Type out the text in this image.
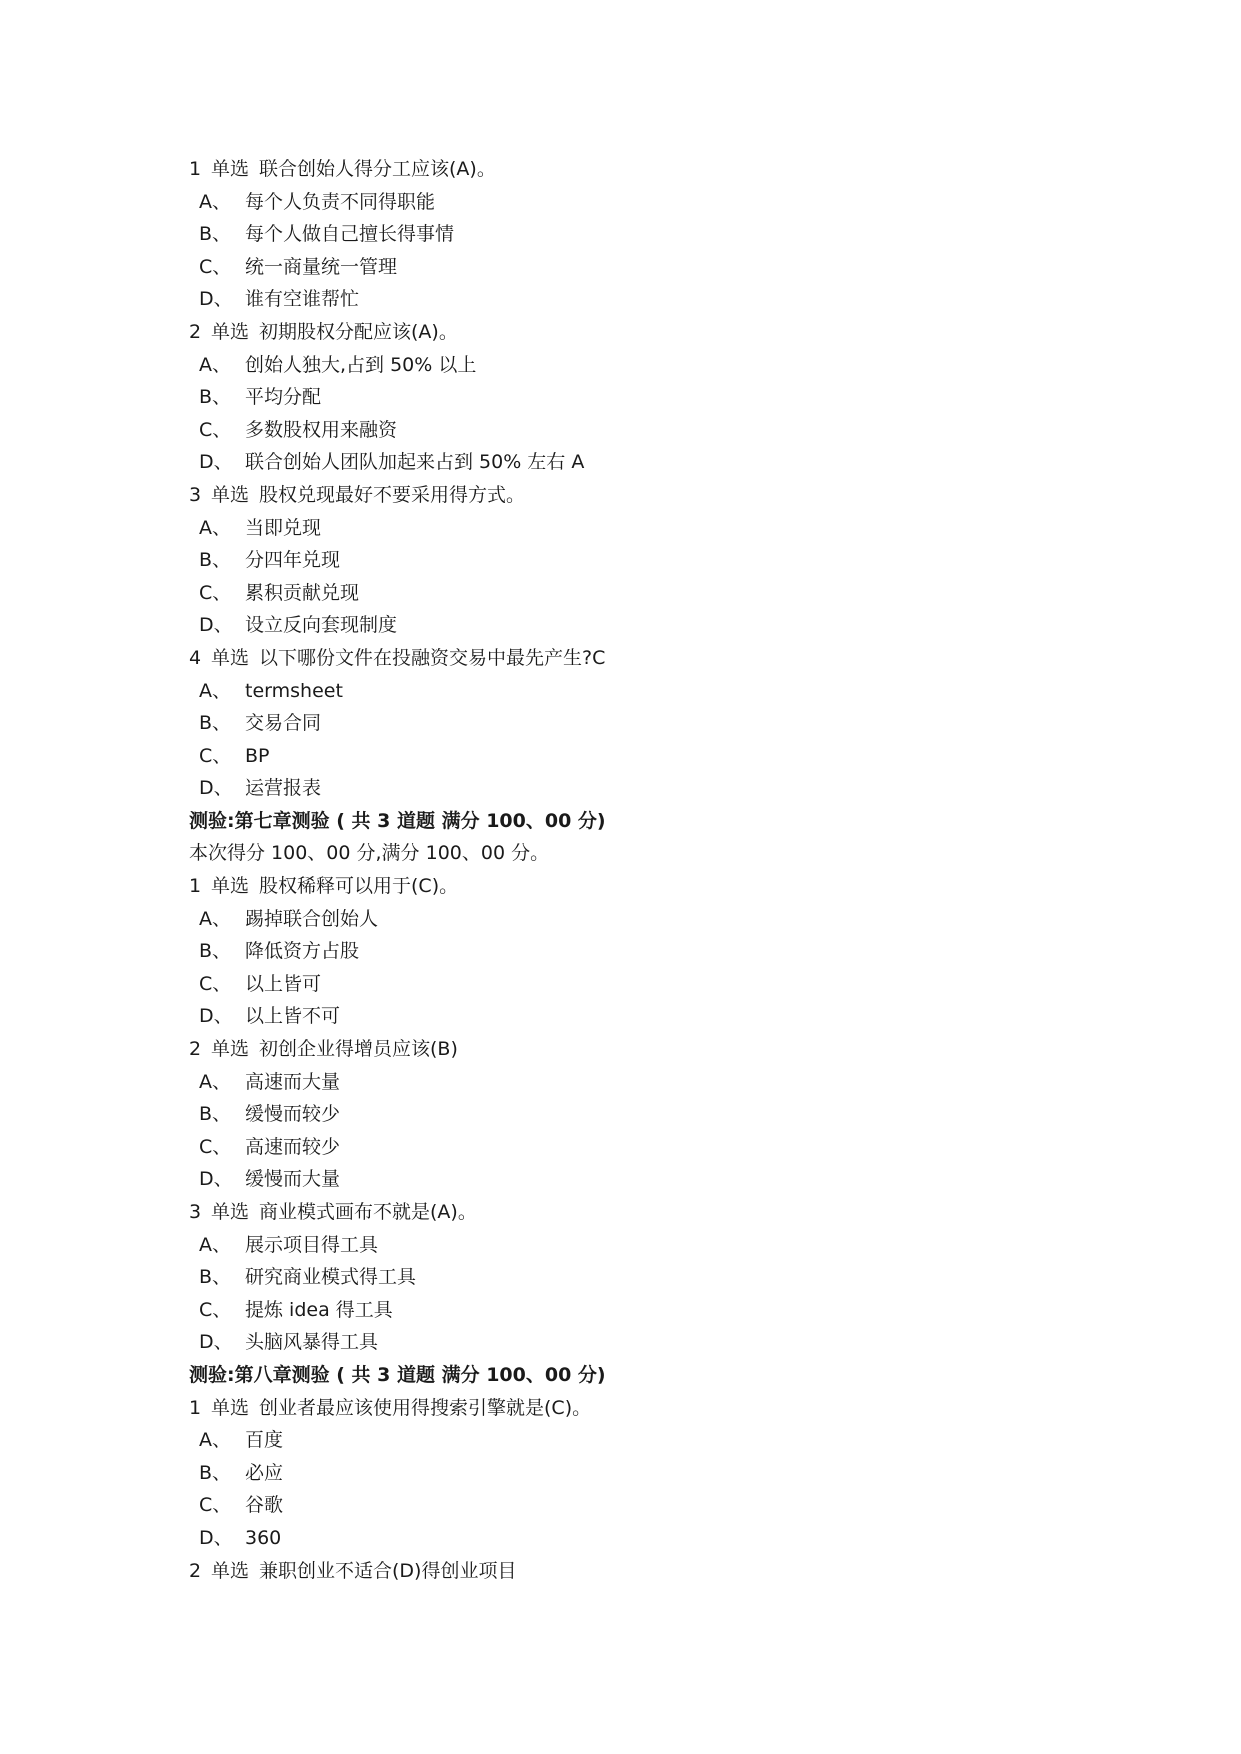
1 单选 联合创始人得分工应该(A)。
A、 每个人负责不同得职能
B、 每个人做自己擅长得事情
C、 统一商量统一管理
D、 谁有空谁帮忙
2 单选 初期股权分配应该(A)。
A、 创始人独大,占到 50% 以上
B、 平均分配
C、 多数股权用来融资
D、 联合创始人团队加起来占到 50% 左右 A
3 单选 股权兑现最好不要采用得方式。
A、 当即兑现
B、 分四年兑现
C、 累积贡献兑现
D、 设立反向套现制度
4 单选 以下哪份文件在投融资交易中最先产生?C
A、 termsheet
B、 交易合同
C、 BP
D、 运营报表
测验:第七章测验 ( 共 3 道题 满分 100、00 分)
本次得分 100、00 分,满分 100、00 分。
1 单选 股权稀释可以用于(C)。
A、 踢掉联合创始人
B、 降低资方占股
C、 以上皆可
D、 以上皆不可
2 单选 初创企业得增员应该(B)
A、 高速而大量
B、 缓慢而较少
C、 高速而较少
D、 缓慢而大量
3 单选 商业模式画布不就是(A)。
A、 展示项目得工具
B、 研究商业模式得工具
C、 提炼 idea 得工具
D、 头脑风暴得工具
测验:第八章测验 ( 共 3 道题 满分 100、00 分)
1 单选 创业者最应该使用得搜索引擎就是(C)。
A、 百度
B、 必应
C、 谷歌
D、 360
2 单选 兼职创业不适合(D)得创业项目
